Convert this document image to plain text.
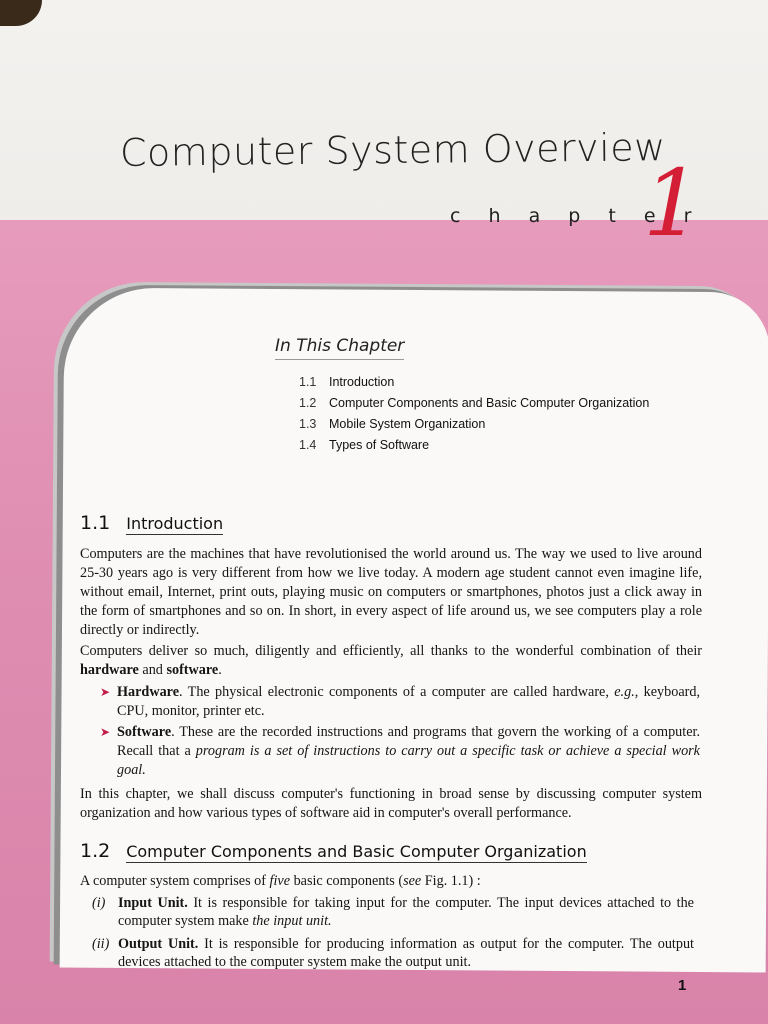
Computer System Overview
c h a p t e r
1
In This Chapter
1.1	Introduction
1.2	Computer Components and Basic Computer Organization
1.3	Mobile System Organization
1.4	Types of Software
1.1 Introduction
Computers are the machines that have revolutionised the world around us. The way we used to live around 25-30 years ago is very different from how we live today. A modern age student cannot even imagine life, without email, Internet, print outs, playing music on computers or smartphones, photos just a click away in the form of smartphones and so on. In short, in every aspect of life around us, we see computers play a role directly or indirectly.
Computers deliver so much, diligently and efficiently, all thanks to the wonderful combination of their hardware and software.
➤ Hardware. The physical electronic components of a computer are called hardware, e.g., keyboard, CPU, monitor, printer etc.
➤ Software. These are the recorded instructions and programs that govern the working of a computer. Recall that a program is a set of instructions to carry out a specific task or achieve a special work goal.
In this chapter, we shall discuss computer's functioning in broad sense by discussing computer system organization and how various types of software aid in computer's overall performance.
1.2 Computer Components and Basic Computer Organization
A computer system comprises of five basic components (see Fig. 1.1) :
(i) Input Unit. It is responsible for taking input for the computer. The input devices attached to the computer system make the input unit.
(ii) Output Unit. It is responsible for producing information as output for the computer. The output devices attached to the computer system make the output unit.
1
